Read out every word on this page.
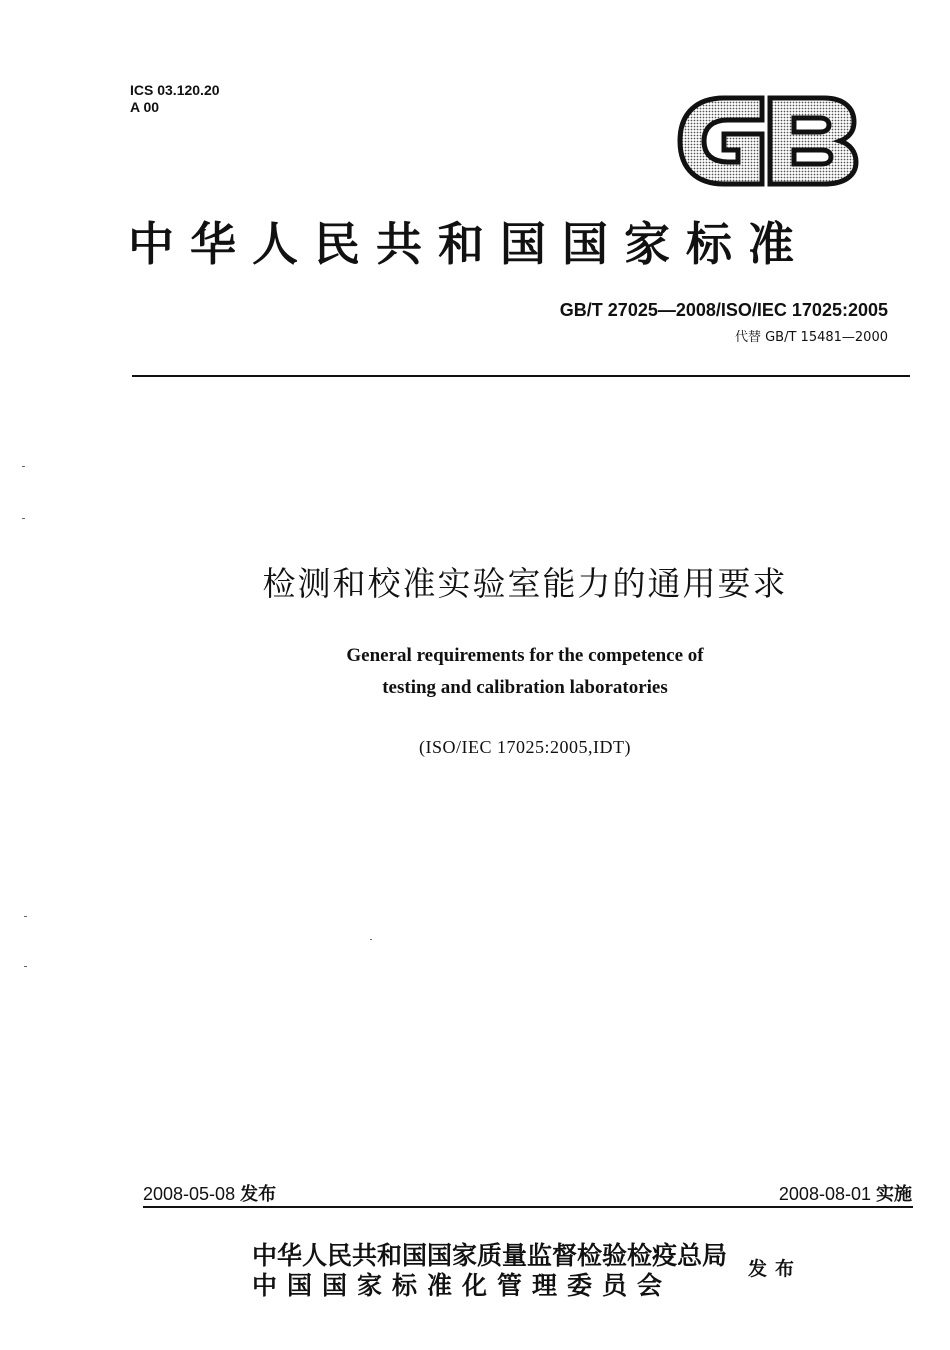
ICS 03.120.20
A 00
GB
中华人民共和国国家标准
GB/T 27025—2008/ISO/IEC 17025:2005
代替 GB/T 15481—2000
检测和校准实验室能力的通用要求
General requirements for the competence of
testing and calibration laboratories
(ISO/IEC 17025:2005,IDT)
2008-05-08 发布	2008-08-01 实施
中华人民共和国国家质量监督检验检疫总局
中国国家标准化管理委员会
发布
